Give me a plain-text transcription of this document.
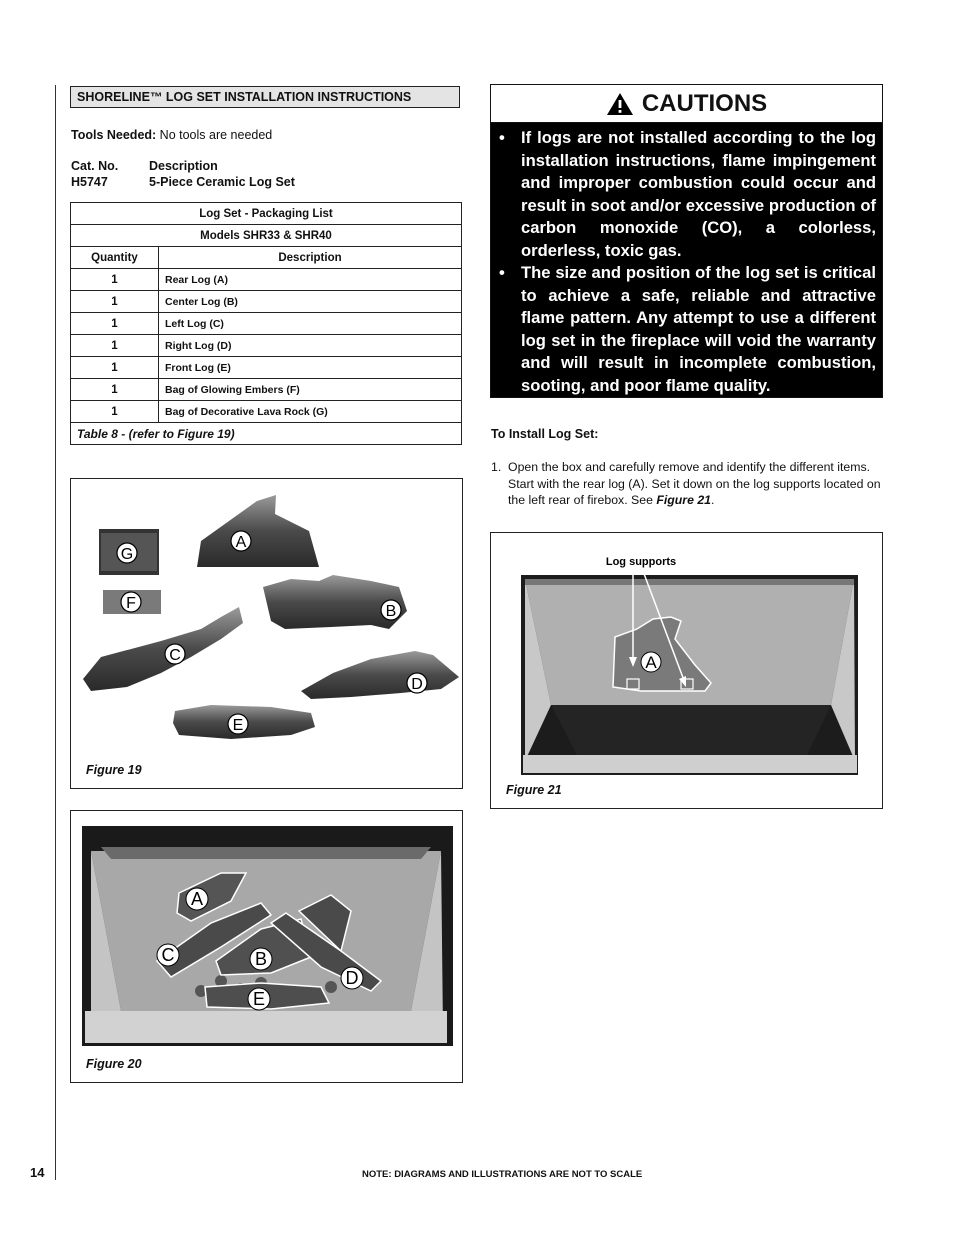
SHORELINE™ LOG SET INSTALLATION INSTRUCTIONS
Tools Needed: No tools are needed
Cat. No. Description
H5747	5-Piece Ceramic Log Set
Log Set - Packaging List	
Models SHR33 & SHR40	
Quantity	Description
1	Rear Log (A)
1	Center Log (B)
1	Left Log (C)
1	Right Log (D)
1	Front Log (E)
1	Bag of Glowing Embers (F)
1	Bag of Decorative Lava Rock (G)
Table 8 - (refer to Figure 19)	
G
A
F	B
C
D
E
Figure 19
A
C	B
D
E
Figure 20
CAUTIONS
• If logs are not installed according to the log installation instructions, flame impingement and improper combustion could occur and result in soot and/or excessive production of carbon monoxide (CO), a colorless, orderless, toxic gas.
• The size and position of the log set is critical to achieve a safe, reliable and attractive flame pattern. Any attempt to use a different log set in the fireplace will void the warranty and will result in incomplete combustion, sooting, and poor flame quality.
To Install Log Set:
1. Open the box and carefully remove and identify the different items. Start with the rear log (A). Set it down on the log supports located on the left rear of firebox. See Figure 21.
Log supports
A
Figure 21
14	NOTE: DIAGRAMS AND ILLUSTRATIONS ARE NOT TO SCALE
